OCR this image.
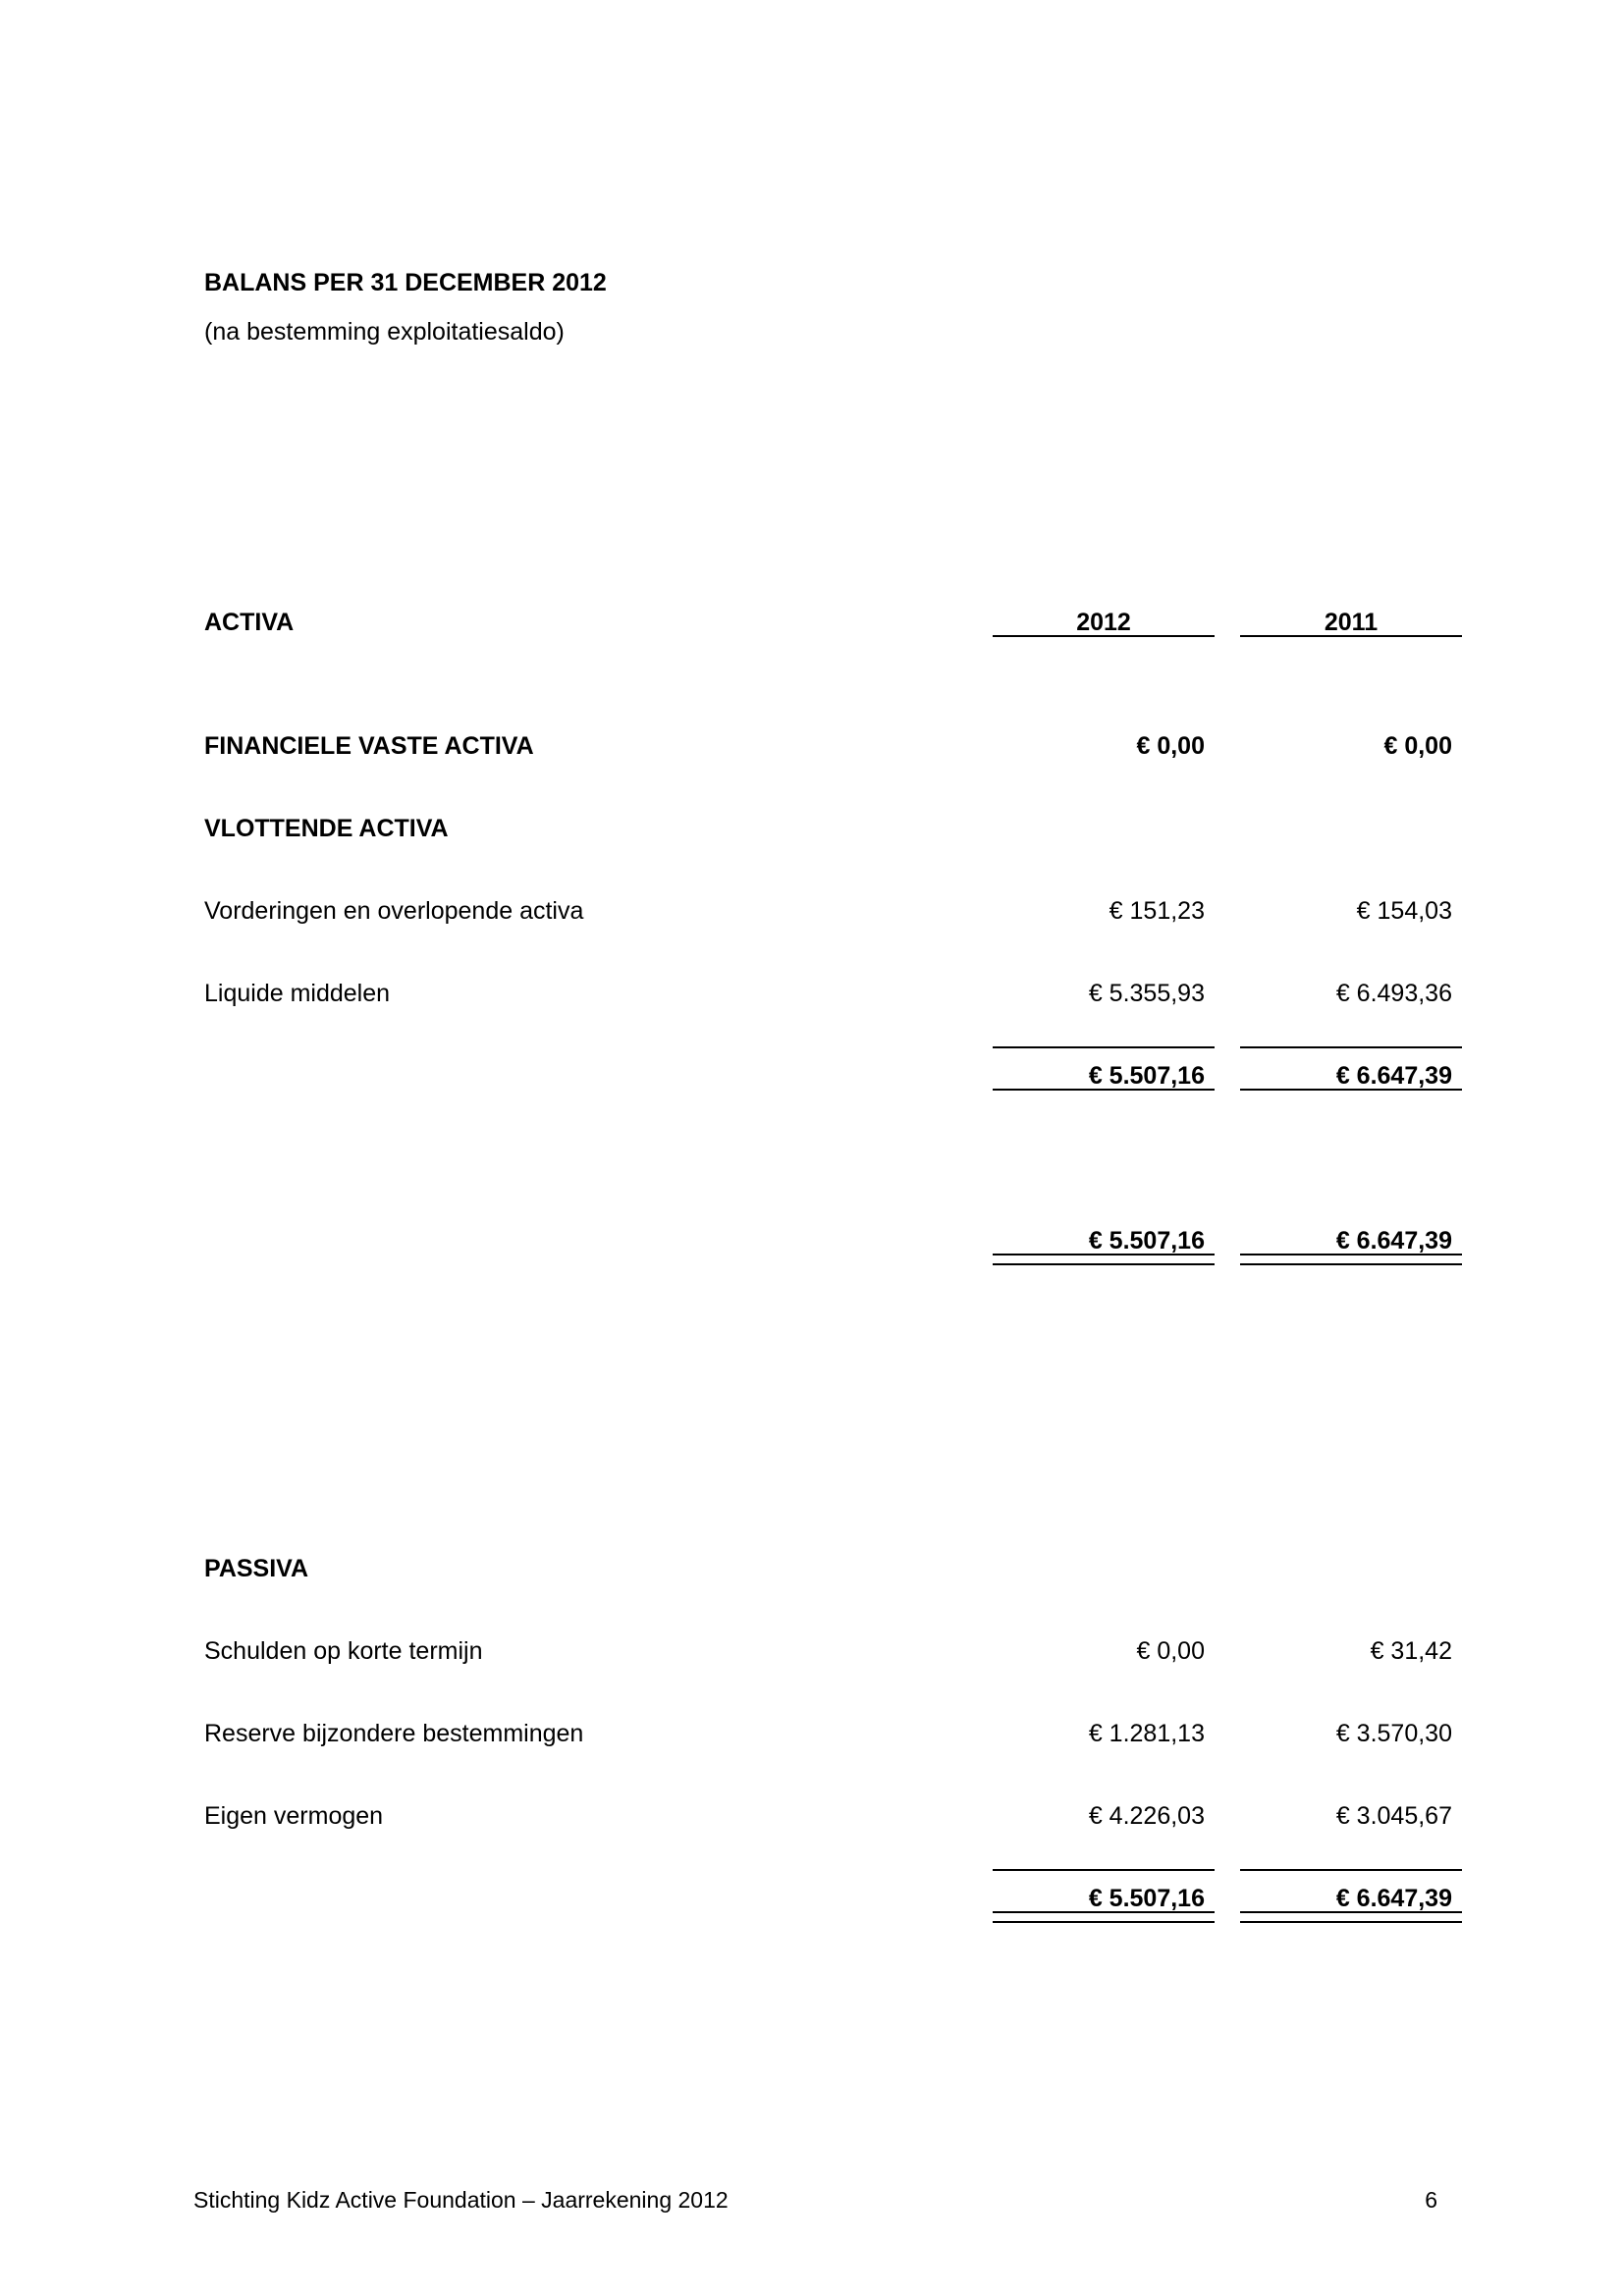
BALANS PER 31 DECEMBER 2012
(na bestemming exploitatiesaldo)
ACTIVA	2012	2011
FINANCIELE VASTE ACTIVA	€ 0,00	€ 0,00
VLOTTENDE ACTIVA
Vorderingen en overlopende activa	€ 151,23	€ 154,03
Liquide middelen	€ 5.355,93	€ 6.493,36
€ 5.507,16	€ 6.647,39
€ 5.507,16	€ 6.647,39
PASSIVA
Schulden op korte termijn	€ 0,00	€ 31,42
Reserve bijzondere bestemmingen	€ 1.281,13	€ 3.570,30
Eigen vermogen	€ 4.226,03	€ 3.045,67
€ 5.507,16	€ 6.647,39
Stichting Kidz Active Foundation – Jaarrekening 2012	6
